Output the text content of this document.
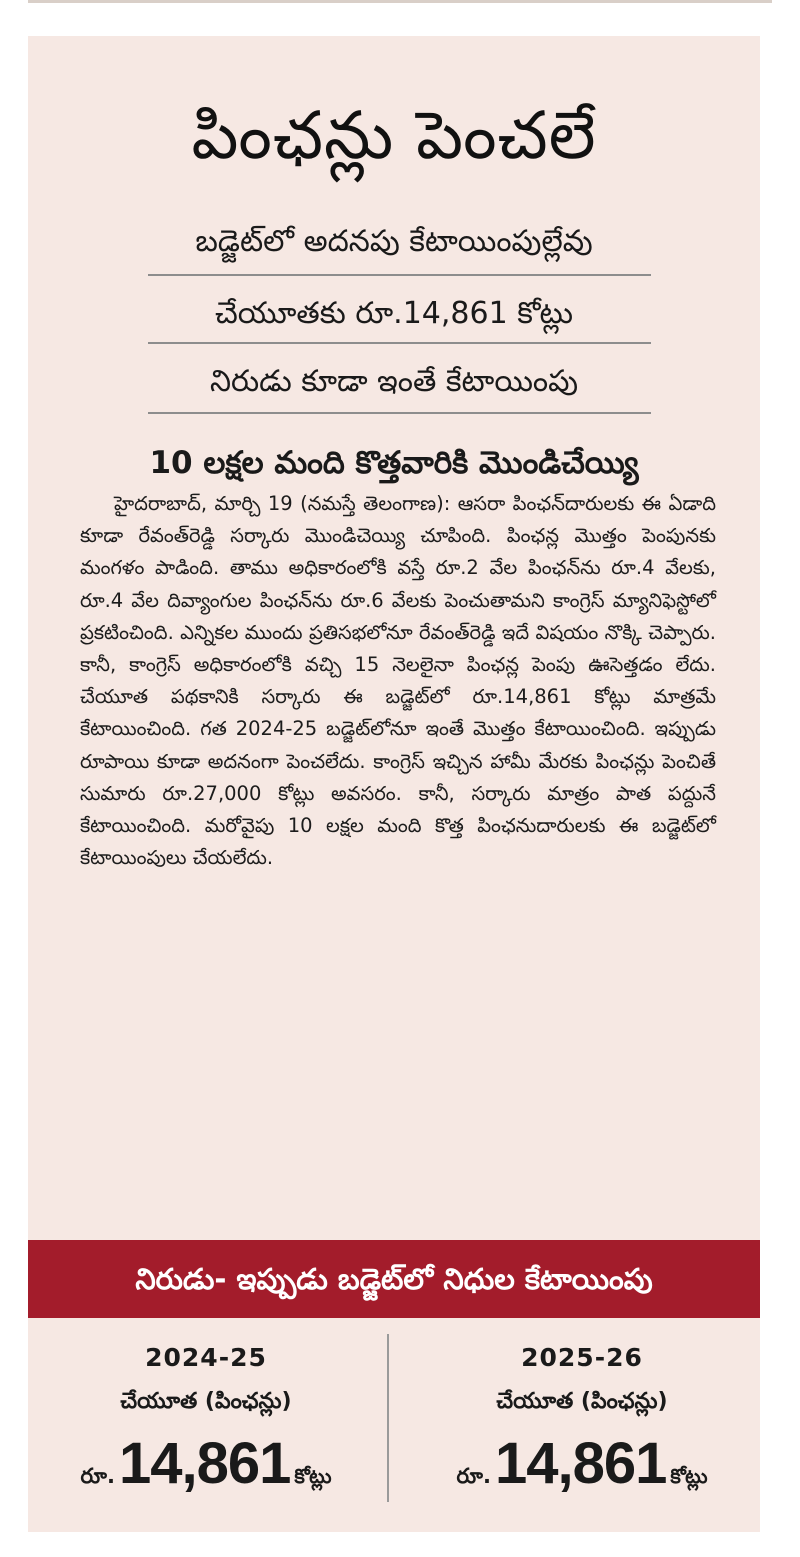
పింఛన్లు పెంచలే
బడ్జెట్‌లో అదనపు కేటాయింపుల్లేవు
చేయూతకు రూ.14,861 కోట్లు
నిరుడు కూడా ఇంతే కేటాయింపు
10 లక్షల మంది కొత్తవారికి మొండిచేయ్యి
హైదరాబాద్‌, మార్చి 19 (నమస్తే తెలంగాణ): ఆసరా పింఛన్‌దారులకు ఈ ఏడాది కూడా రేవంత్‌రెడ్డి సర్కారు మొండిచెయ్యి చూపింది. పింఛన్ల మొత్తం పెంపునకు మంగళం పాడింది. తాము అధికారంలోకి వస్తే రూ.2 వేల పింఛన్‌ను రూ.4 వేలకు, రూ.4 వేల దివ్యాంగుల పింఛన్‌ను రూ.6 వేలకు పెంచుతామని కాంగ్రెస్‌ మ్యానిఫెస్టోలో ప్రకటించింది. ఎన్నికల ముందు ప్రతిసభలోనూ రేవంత్‌రెడ్డి ఇదే విషయం నొక్కి చెప్పారు. కానీ, కాంగ్రెస్‌ అధికారంలోకి వచ్చి 15 నెలలైనా పింఛన్ల పెంపు ఊసెత్తడం లేదు. చేయూత పథకానికి సర్కారు ఈ బడ్జెట్‌లో రూ.14,861 కోట్లు మాత్రమే కేటాయించింది. గత 2024-25 బడ్జెట్‌లోనూ ఇంతే మొత్తం కేటాయించింది. ఇప్పుడు రూపాయి కూడా అదనంగా పెంచలేదు. కాంగ్రెస్‌ ఇచ్చిన హామీ మేరకు పింఛన్లు పెంచితే సుమారు రూ.27,000 కోట్లు అవసరం. కానీ, సర్కారు మాత్రం పాత పద్దునే కేటాయించింది. మరోవైపు 10 లక్షల మంది కొత్త పింఛనుదారులకు ఈ బడ్జెట్‌లో కేటాయింపులు చేయలేదు.
నిరుడు- ఇప్పుడు బడ్జెట్‌లో నిధుల కేటాయింపు
2024-25
చేయూత (పింఛన్లు)
రూ.14,861 కోట్లు
2025-26
చేయూత (పింఛన్లు)
రూ.14,861 కోట్లు
